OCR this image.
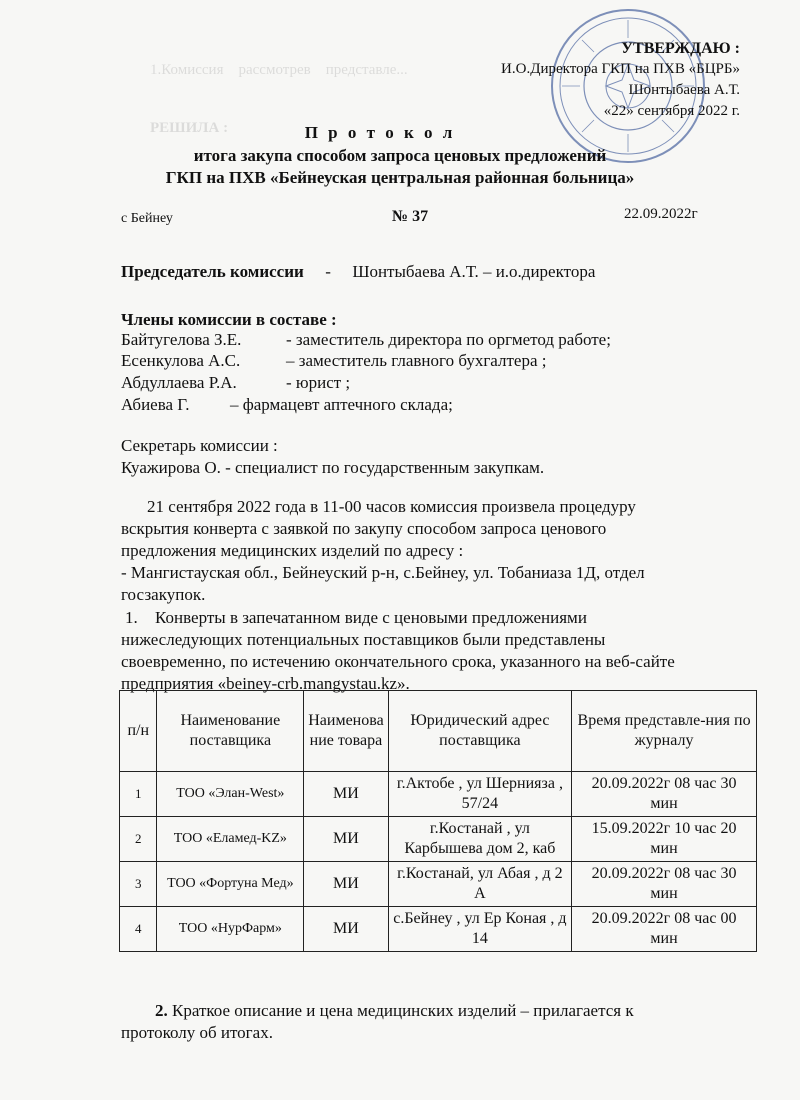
1.Комиссия    рассмотрев    представле...
РЕШИЛА :
УТВЕРЖДАЮ :
И.О.Директора ГКП на ПХВ «БЦРБ»
Шонтыбаева А.Т.
«22» сентября 2022 г.
П р о т о к о л
итога закупа способом запроса ценовых предложений
ГКП на ПХВ «Бейнеуская центральная районная больница»
с Бейнеу	№ 37	22.09.2022г
Председатель комиссии - Шонтыбаева А.Т. – и.о.директора
Члены комиссии в составе :
Байтугелова З.Е.	- заместитель директора по оргметод работе;
Есенкулова А.С.	– заместитель главного бухгалтера ;
Абдуллаева Р.А.	- юрист ;
Абиева Г. – фармацевт аптечного склада;
Секретарь комиссии :
Куажирова О. - специалист по государственным закупкам.
21 сентября 2022 года в 11-00 часов комиссия произвела процедуру
вскрытия конверта с заявкой по закупу способом запроса ценового
предложения медицинских изделий по адресу :
- Мангистауская обл., Бейнеуский р-н, с.Бейнеу, ул. Тобаниаза 1Д, отдел
госзакупок.
1. Конверты в запечатанном виде с ценовыми предложениями
нижеследующих потенциальных поставщиков были представлены
своевременно, по истечению окончательного срока, указанного на веб-сайте
предприятия «beiney-crb.mangystau.kz».
п/н	Наименование поставщика	Наименова ние товара	Юридический адрес поставщика	Время представле-ния по журналу
1	ТОО «Элан-West»	МИ	г.Актобе , ул Шерниязa , 57/24	20.09.2022г 08 час 30 мин
2	ТОО «Еламед-KZ»	МИ	г.Костанай , ул Карбышева дом 2, каб	15.09.2022г 10 час 20 мин
3	ТОО «Фортуна Мед»	МИ	г.Костанай, ул Абая , д 2 А	20.09.2022г 08 час 30 мин
4	ТОО «НурФарм»	МИ	с.Бейнеу , ул Ер Коная , д 14	20.09.2022г 08 час 00 мин
2. Краткое описание и цена медицинских изделий – прилагается к
протоколу об итогах.
